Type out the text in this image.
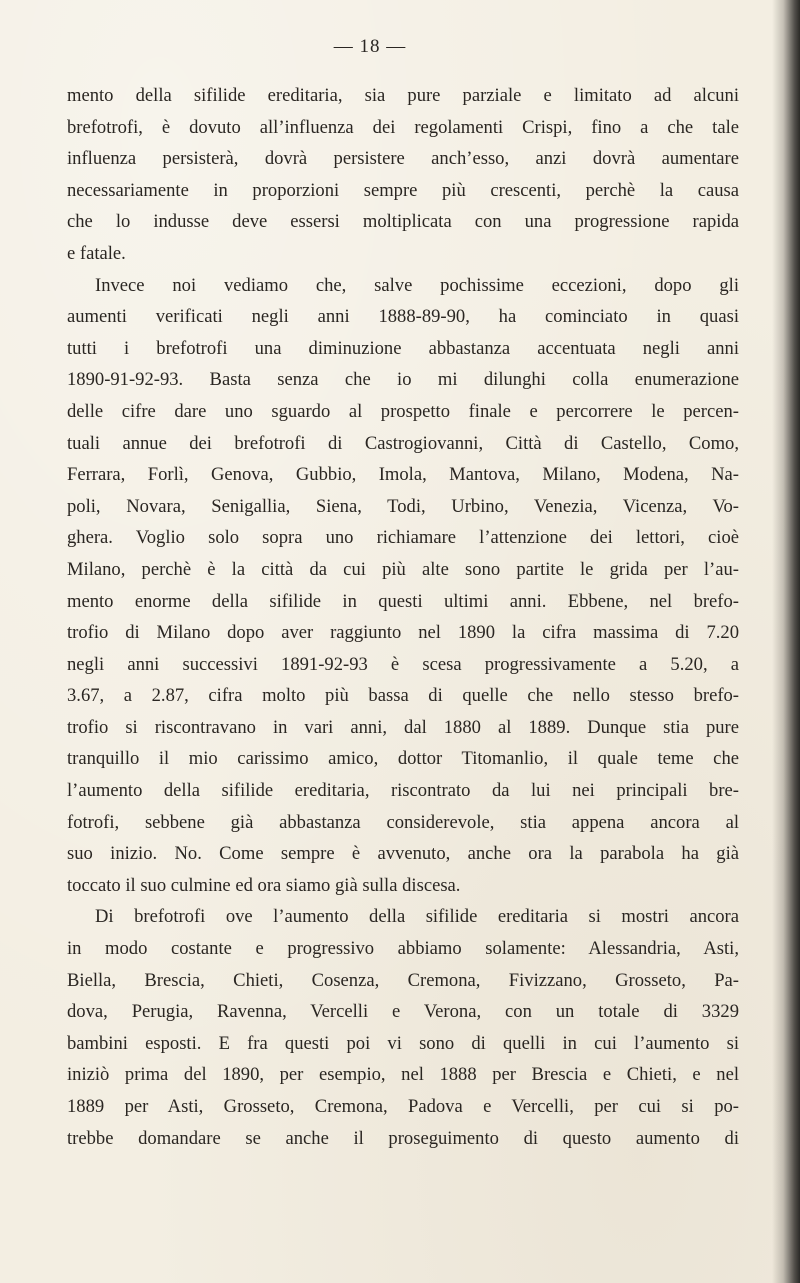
— 18 —
mento della sifilide ereditaria, sia pure parziale e limitato ad alcuni
brefotrofi, è dovuto all’influenza dei regolamenti Crispi, fino a che tale
influenza persisterà, dovrà persistere anch’esso, anzi dovrà aumentare
necessariamente in proporzioni sempre più crescenti, perchè la causa
che lo indusse deve essersi moltiplicata con una progressione rapida
e fatale.
Invece noi vediamo che, salve pochissime eccezioni, dopo gli
aumenti verificati negli anni 1888-89-90, ha cominciato in quasi
tutti i brefotrofi una diminuzione abbastanza accentuata negli anni
1890-91-92-93. Basta senza che io mi dilunghi colla enumerazione
delle cifre dare uno sguardo al prospetto finale e percorrere le percen-
tuali annue dei brefotrofi di Castrogiovanni, Città di Castello, Como,
Ferrara, Forlì, Genova, Gubbio, Imola, Mantova, Milano, Modena, Na-
poli, Novara, Senigallia, Siena, Todi, Urbino, Venezia, Vicenza, Vo-
ghera. Voglio solo sopra uno richiamare l’attenzione dei lettori, cioè
Milano, perchè è la città da cui più alte sono partite le grida per l’au-
mento enorme della sifilide in questi ultimi anni. Ebbene, nel brefo-
trofio di Milano dopo aver raggiunto nel 1890 la cifra massima di 7.20
negli anni successivi 1891-92-93 è scesa progressivamente a 5.20, a
3.67, a 2.87, cifra molto più bassa di quelle che nello stesso brefo-
trofio si riscontravano in vari anni, dal 1880 al 1889. Dunque stia pure
tranquillo il mio carissimo amico, dottor Titomanlio, il quale teme che
l’aumento della sifilide ereditaria, riscontrato da lui nei principali bre-
fotrofi, sebbene già abbastanza considerevole, stia appena ancora al
suo inizio. No. Come sempre è avvenuto, anche ora la parabola ha già
toccato il suo culmine ed ora siamo già sulla discesa.
Di brefotrofi ove l’aumento della sifilide ereditaria si mostri ancora
in modo costante e progressivo abbiamo solamente: Alessandria, Asti,
Biella, Brescia, Chieti, Cosenza, Cremona, Fivizzano, Grosseto, Pa-
dova, Perugia, Ravenna, Vercelli e Verona, con un totale di 3329
bambini esposti. E fra questi poi vi sono di quelli in cui l’aumento si
iniziò prima del 1890, per esempio, nel 1888 per Brescia e Chieti, e nel
1889 per Asti, Grosseto, Cremona, Padova e Vercelli, per cui si po-
trebbe domandare se anche il proseguimento di questo aumento di
